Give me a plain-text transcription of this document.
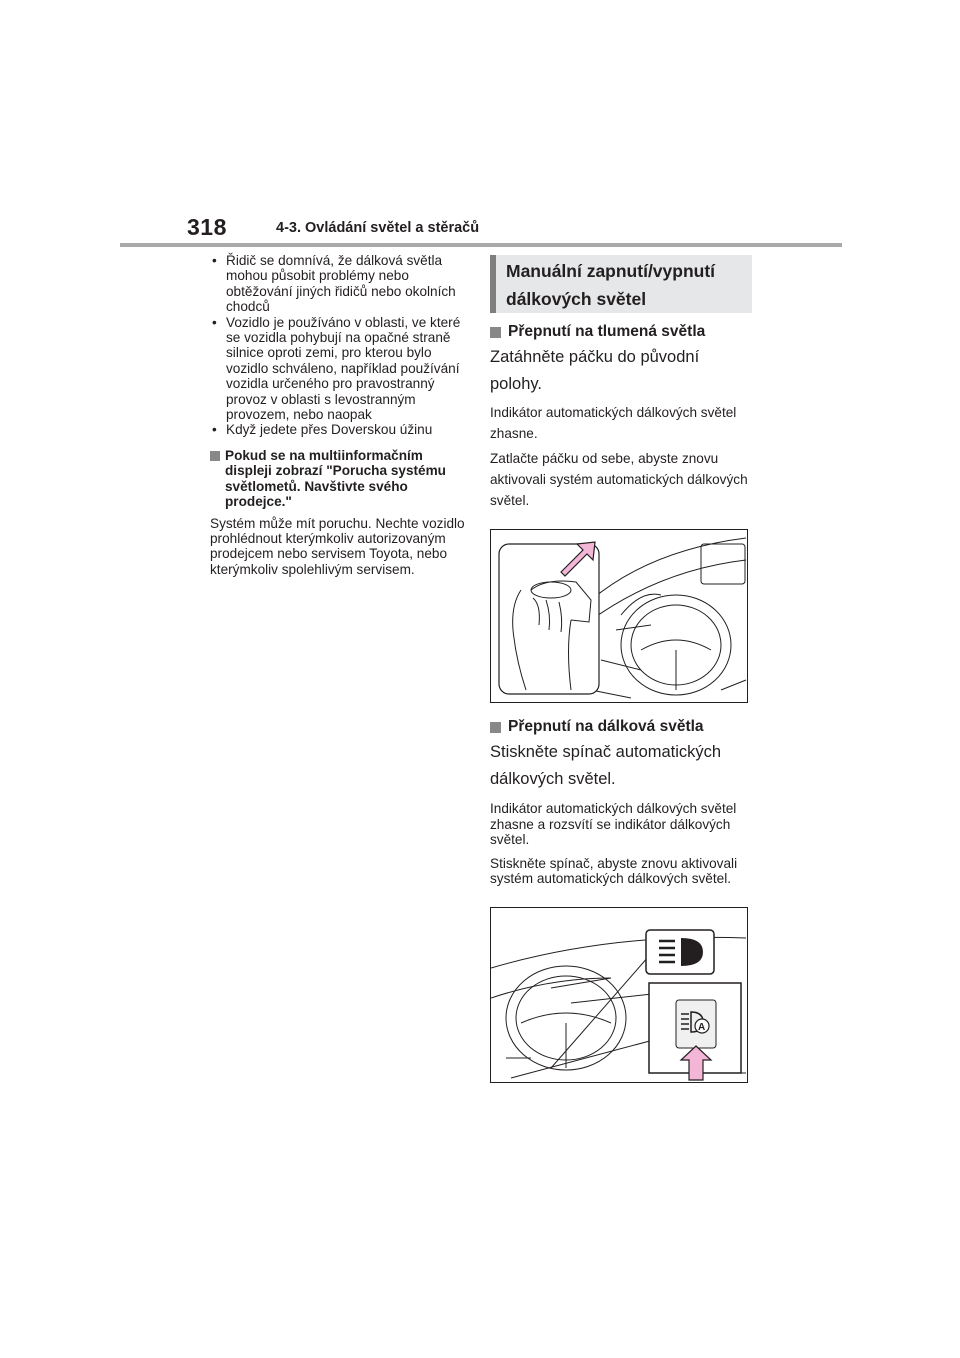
318	4-3. Ovládání světel a stěračů

• Řidič se domnívá, že dálková světla mohou působit problémy nebo obtěžování jiných řidičů nebo okolních chodců

• Vozidlo je používáno v oblasti, ve které se vozidla pohybují na opačné straně silnice oproti zemi, pro kterou bylo vozidlo schváleno, například používání vozidla určeného pro pravostranný provoz v oblasti s levostranným provozem, nebo naopak

• Když jedete přes Doverskou úžinu

Pokud se na multiinformačním displeji zobrazí "Porucha systému světlometů. Navštivte svého prodejce."
Systém může mít poruchu. Nechte vozidlo prohlédnout kterýmkoliv autorizovaným prodejcem nebo servisem Toyota, nebo kterýmkoliv spolehlivým servisem.
Manuální zapnutí/vypnutí
dálkových světel
Přepnutí na tlumená světla
Zatáhněte páčku do původní polohy.
Indikátor automatických dálkových světel zhasne.
Zatlačte páčku od sebe, abyste znovu aktivovali systém automatických dálkových světel.
Přepnutí na dálková světla
Stiskněte spínač automatických dálkových světel.
Indikátor automatických dálkových světel zhasne a rozsvítí se indikátor dálkových světel.
Stiskněte spínač, abyste znovu aktivovali systém automatických dálkových světel.
A
